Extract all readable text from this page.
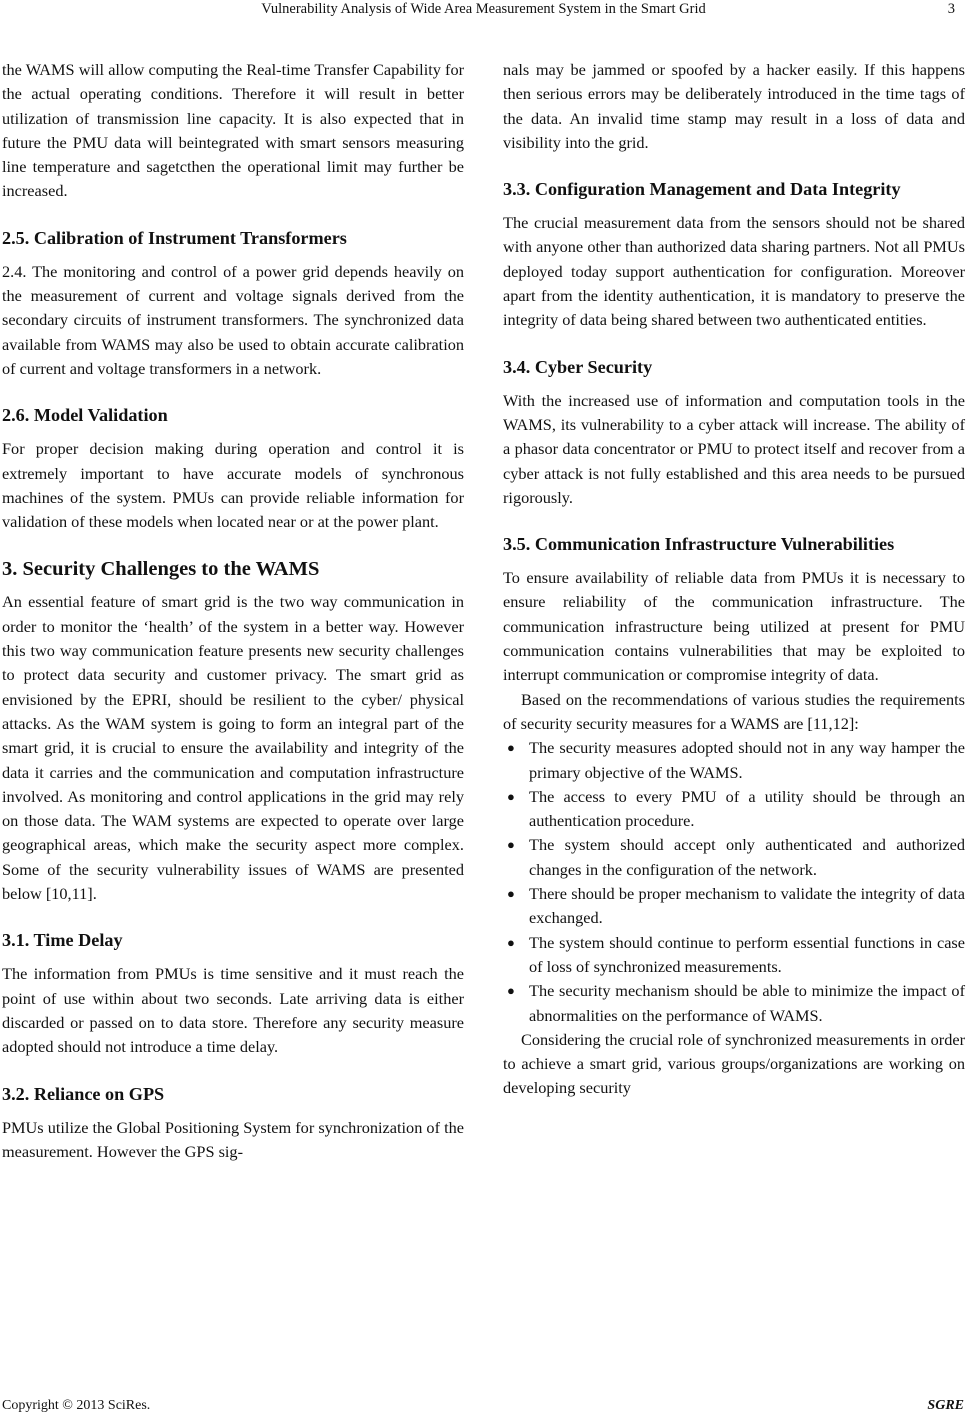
Vulnerability Analysis of Wide Area Measurement System in the Smart Grid	3

the WAMS will allow computing the Real-time Transfer Capability for the actual operating conditions. Therefore it will result in better utilization of transmission line capacity. It is also expected that in future the PMU data will beintegrated with smart sensors measuring line temperature and sagetcthen the operational limit may further be increased.

2.5. Calibration of Instrument Transformers

2.4. The monitoring and control of a power grid depends heavily on the measurement of current and voltage signals derived from the secondary circuits of instrument transformers. The synchronized data available from WAMS may also be used to obtain accurate calibration of current and voltage transformers in a network.

2.6. Model Validation

For proper decision making during operation and control it is extremely important to have accurate models of synchronous machines of the system. PMUs can provide reliable information for validation of these models when located near or at the power plant.

3. Security Challenges to the WAMS

An essential feature of smart grid is the two way communication in order to monitor the ‘health’ of the system in a better way. However this two way communication feature presents new security challenges to protect data security and customer privacy. The smart grid as envisioned by the EPRI, should be resilient to the cyber/ physical attacks. As the WAM system is going to form an integral part of the smart grid, it is crucial to ensure the availability and integrity of the data it carries and the communication and computation infrastructure involved. As monitoring and control applications in the grid may rely on those data. The WAM systems are expected to operate over large geographical areas, which make the security aspect more complex. Some of the security vulnerability issues of WAMS are presented below [10,11].

3.1. Time Delay

The information from PMUs is time sensitive and it must reach the point of use within about two seconds. Late arriving data is either discarded or passed on to data store. Therefore any security measure adopted should not introduce a time delay.

3.2. Reliance on GPS

PMUs utilize the Global Positioning System for synchronization of the measurement. However the GPS sig-

nals may be jammed or spoofed by a hacker easily. If this happens then serious errors may be deliberately introduced in the time tags of the data. An invalid time stamp may result in a loss of data and visibility into the grid.

3.3. Configuration Management and Data Integrity

The crucial measurement data from the sensors should not be shared with anyone other than authorized data sharing partners. Not all PMUs deployed today support authentication for configuration. Moreover apart from the identity authentication, it is mandatory to preserve the integrity of data being shared between two authenticated entities.

3.4. Cyber Security

With the increased use of information and computation tools in the WAMS, its vulnerability to a cyber attack will increase. The ability of a phasor data concentrator or PMU to protect itself and recover from a cyber attack is not fully established and this area needs to be pursued rigorously.

3.5. Communication Infrastructure Vulnerabilities

To ensure availability of reliable data from PMUs it is necessary to ensure reliability of the communication infrastructure. The communication infrastructure being utilized at present for PMU communication contains vulnerabilities that may be exploited to interrupt communication or compromise integrity of data.

Based on the recommendations of various studies the requirements of security security measures for a WAMS are [11,12]:

● The security measures adopted should not in any way hamper the primary objective of the WAMS.
● The access to every PMU of a utility should be through an authentication procedure.
● The system should accept only authenticated and authorized changes in the configuration of the network.
● There should be proper mechanism to validate the integrity of data exchanged.
● The system should continue to perform essential functions in case of loss of synchronized measurements.
● The security mechanism should be able to minimize the impact of abnormalities on the performance of WAMS.

Considering the crucial role of synchronized measurements in order to achieve a smart grid, various groups/organizations are working on developing security

Copyright © 2013 SciRes.	SGRE
